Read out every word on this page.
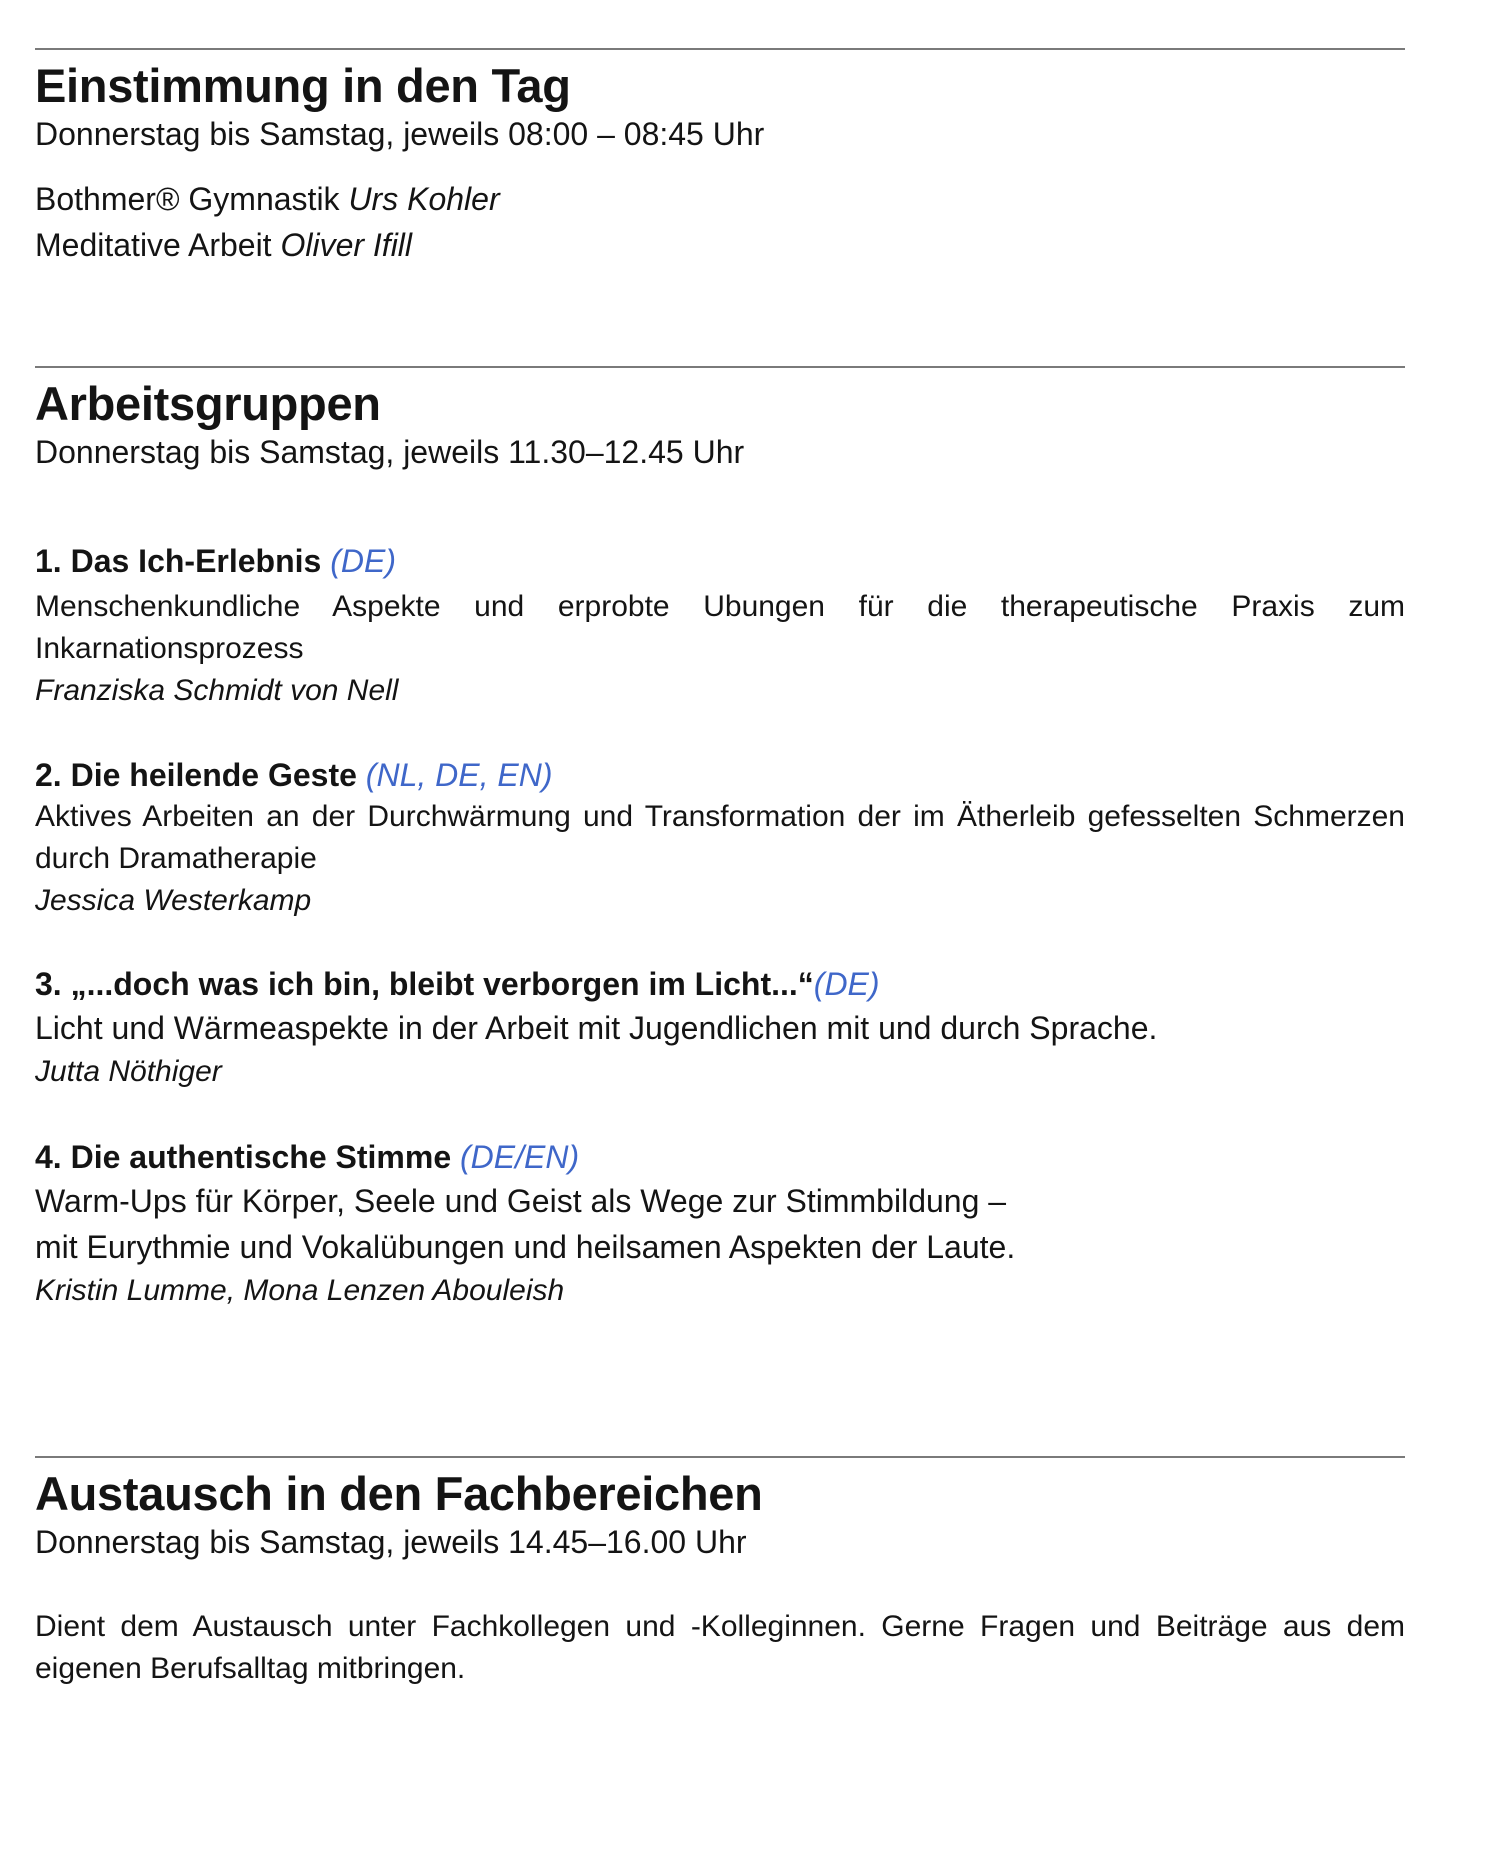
Einstimmung in den Tag

Donnerstag bis Samstag, jeweils 08:00 – 08:45 Uhr

Bothmer® Gymnastik Urs Kohler

Meditative Arbeit Oliver Ifill

Arbeitsgruppen

Donnerstag bis Samstag, jeweils 11.30–12.45 Uhr

1. Das Ich-Erlebnis (DE)

Menschenkundliche Aspekte und erprobte Ubungen für die therapeutische Praxis zum Inkarnationsprozess

Franziska Schmidt von Nell

2. Die heilende Geste (NL, DE, EN)

Aktives Arbeiten an der Durchwärmung und Transformation der im Ätherleib gefesselten Schmerzen durch Dramatherapie

Jessica Westerkamp

3. „...doch was ich bin, bleibt verborgen im Licht...“(DE)

Licht und Wärmeaspekte in der Arbeit mit Jugendlichen mit und durch Sprache.

Jutta Nöthiger

4. Die authentische Stimme (DE/EN)

Warm-Ups für Körper, Seele und Geist als Wege zur Stimmbildung –

mit Eurythmie und Vokalübungen und heilsamen Aspekten der Laute.

Kristin Lumme, Mona Lenzen Abouleish

Austausch in den Fachbereichen

Donnerstag bis Samstag, jeweils 14.45–16.00 Uhr

Dient dem Austausch unter Fachkollegen und -Kolleginnen. Gerne Fragen und Beiträge aus dem eigenen Berufsalltag mitbringen.
